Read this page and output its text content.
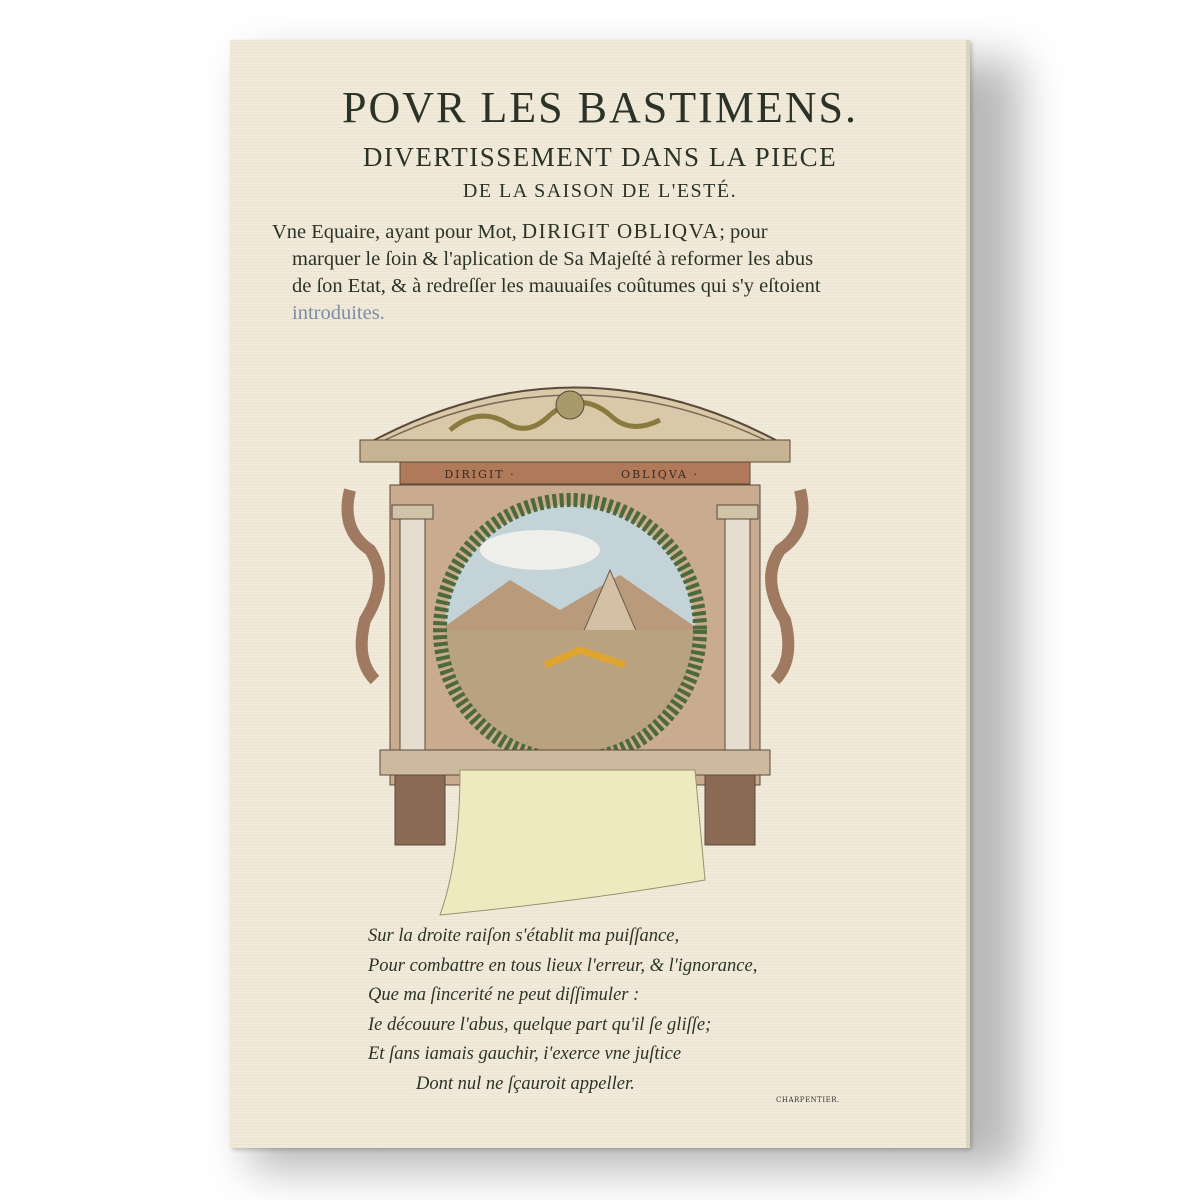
POVR LES BASTIMENS.
DIVERTISSEMENT DANS LA PIECE
DE LA SAISON DE L'ESTÉ.
Vne Equaire, ayant pour Mot, DIRIGIT OBLIQVA; pour
marquer le ſoin & l'aplication de Sa Majeſté à reformer les abus
de ſon Etat, & à redreſſer les mauuaiſes coûtumes qui s'y eſtoient
introduites.
DIRIGIT ·	OBLIQVA ·
Sur la droite raiſon s'établit ma puiſſance,
Pour combattre en tous lieux l'erreur, & l'ignorance,
Que ma ſincerité ne peut diſſimuler :
Ie découure l'abus, quelque part qu'il ſe gliſſe;
Et ſans iamais gauchir, i'exerce vne juſtice
Dont nul ne ſçauroit appeller.
CHARPENTIER.
